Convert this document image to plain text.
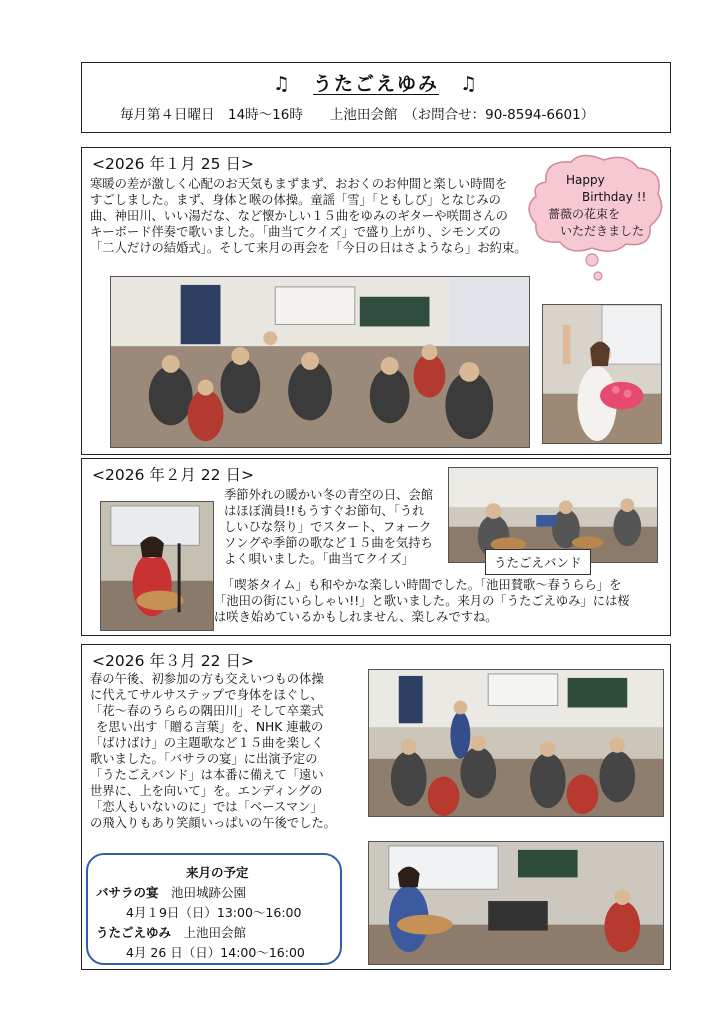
♫　 うたごえゆみ　 ♫
毎月第４日曜日　14時〜16時　　上池田会館　（お問合せ：90-8594-6601）
<2026 年１月 25 日>

寒暖の差が激しく心配のお天気もまずまず、おおくのお仲間と楽しい時間を
すごしました。まず、身体と喉の体操。童謡「雪」「ともしび」となじみの
曲、神田川、いい湯だな、など懐かしい１５曲をゆみのギターや咲間さんの
キーボード伴奏で歌いました。「曲当てクイズ」で盛り上がり、シモンズの
「二人だけの結婚式」。そして来月の再会を「今日の日はさようなら」お約束。

Happy
Birthday !!
薔薇の花束を
いただきました
<2026 年２月 22 日>

季節外れの暖かい冬の青空の日、会館
はほぼ満員!!もうすぐお節句、「うれ
しいひな祭り」でスタート、フォーク
ソングや季節の歌など１５曲を気持ち
よく唄いました。「曲当てクイズ」	うたごえバンド

「喫茶タイム」も和やかな楽しい時間でした。「池田賛歌〜春うらら」を
「池田の街にいらしゃい!!」と歌いました。来月の「うたごえゆみ」には桜
は咲き始めているかもしれません、楽しみですね。

<2026 年３月 22 日>

春の午後、初参加の方も交えいつもの体操
に代えてサルサステップで身体をほぐし、
「花〜春のうららの隅田川」そして卒業式
を思い出す「贈る言葉」を、NHK 連載の
「ばけばけ」の主題歌など１５曲を楽しく
歌いました。「バサラの宴」に出演予定の
「うたごえバンド」は本番に備えて「遠い
世界に、上を向いて」を。エンディングの
「恋人もいないのに」では「ベースマン」
の飛入りもあり笑顔いっぱいの午後でした。

来月の予定
バサラの宴　 池田城跡公園
4月１9日（日）13:00〜16:00
うたごえゆみ　 上池田会館
4月 26 日（日）14:00〜16:00
